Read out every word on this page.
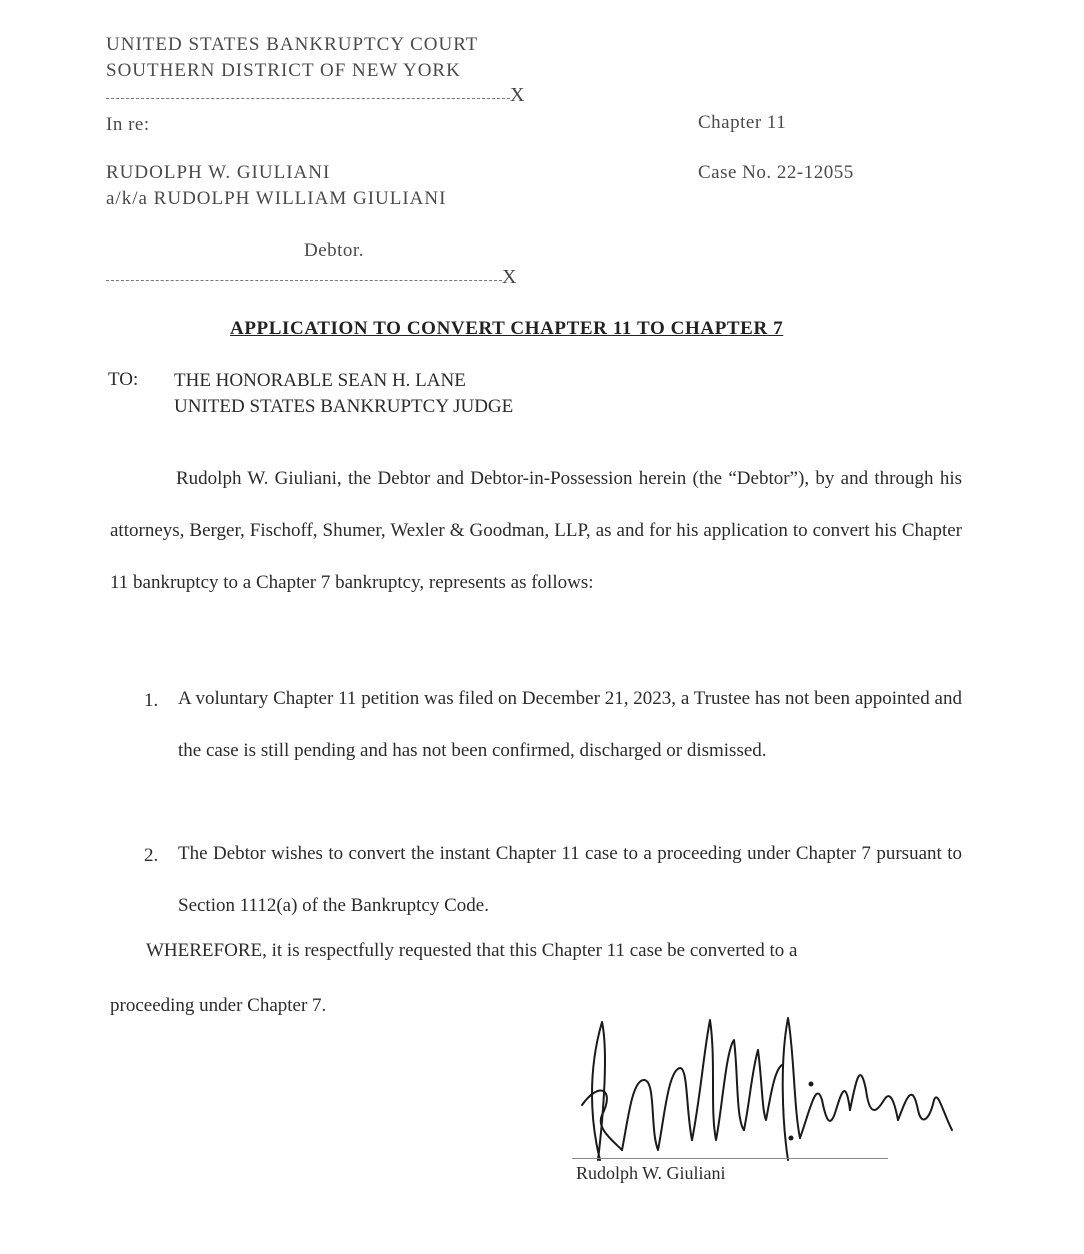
UNITED STATES BANKRUPTCY COURT
SOUTHERN DISTRICT OF NEW YORK
X
In re:
RUDOLPH W. GIULIANI
a/k/a RUDOLPH WILLIAM GIULIANI
Debtor.
Chapter 11
Case No. 22-12055
X
APPLICATION TO CONVERT CHAPTER 11 TO CHAPTER 7
TO: THE HONORABLE SEAN H. LANE
UNITED STATES BANKRUPTCY JUDGE
Rudolph W. Giuliani, the Debtor and Debtor-in-Possession herein (the “Debtor”), by and through his attorneys, Berger, Fischoff, Shumer, Wexler & Goodman, LLP, as and for his application to convert his Chapter 11 bankruptcy to a Chapter 7 bankruptcy, represents as follows:
1. A voluntary Chapter 11 petition was filed on December 21, 2023, a Trustee has not been appointed and the case is still pending and has not been confirmed, discharged or dismissed.
2. The Debtor wishes to convert the instant Chapter 11 case to a proceeding under Chapter 7 pursuant to Section 1112(a) of the Bankruptcy Code.
WHEREFORE, it is respectfully requested that this Chapter 11 case be converted to a
proceeding under Chapter 7.
Rudolph W. Giuliani
